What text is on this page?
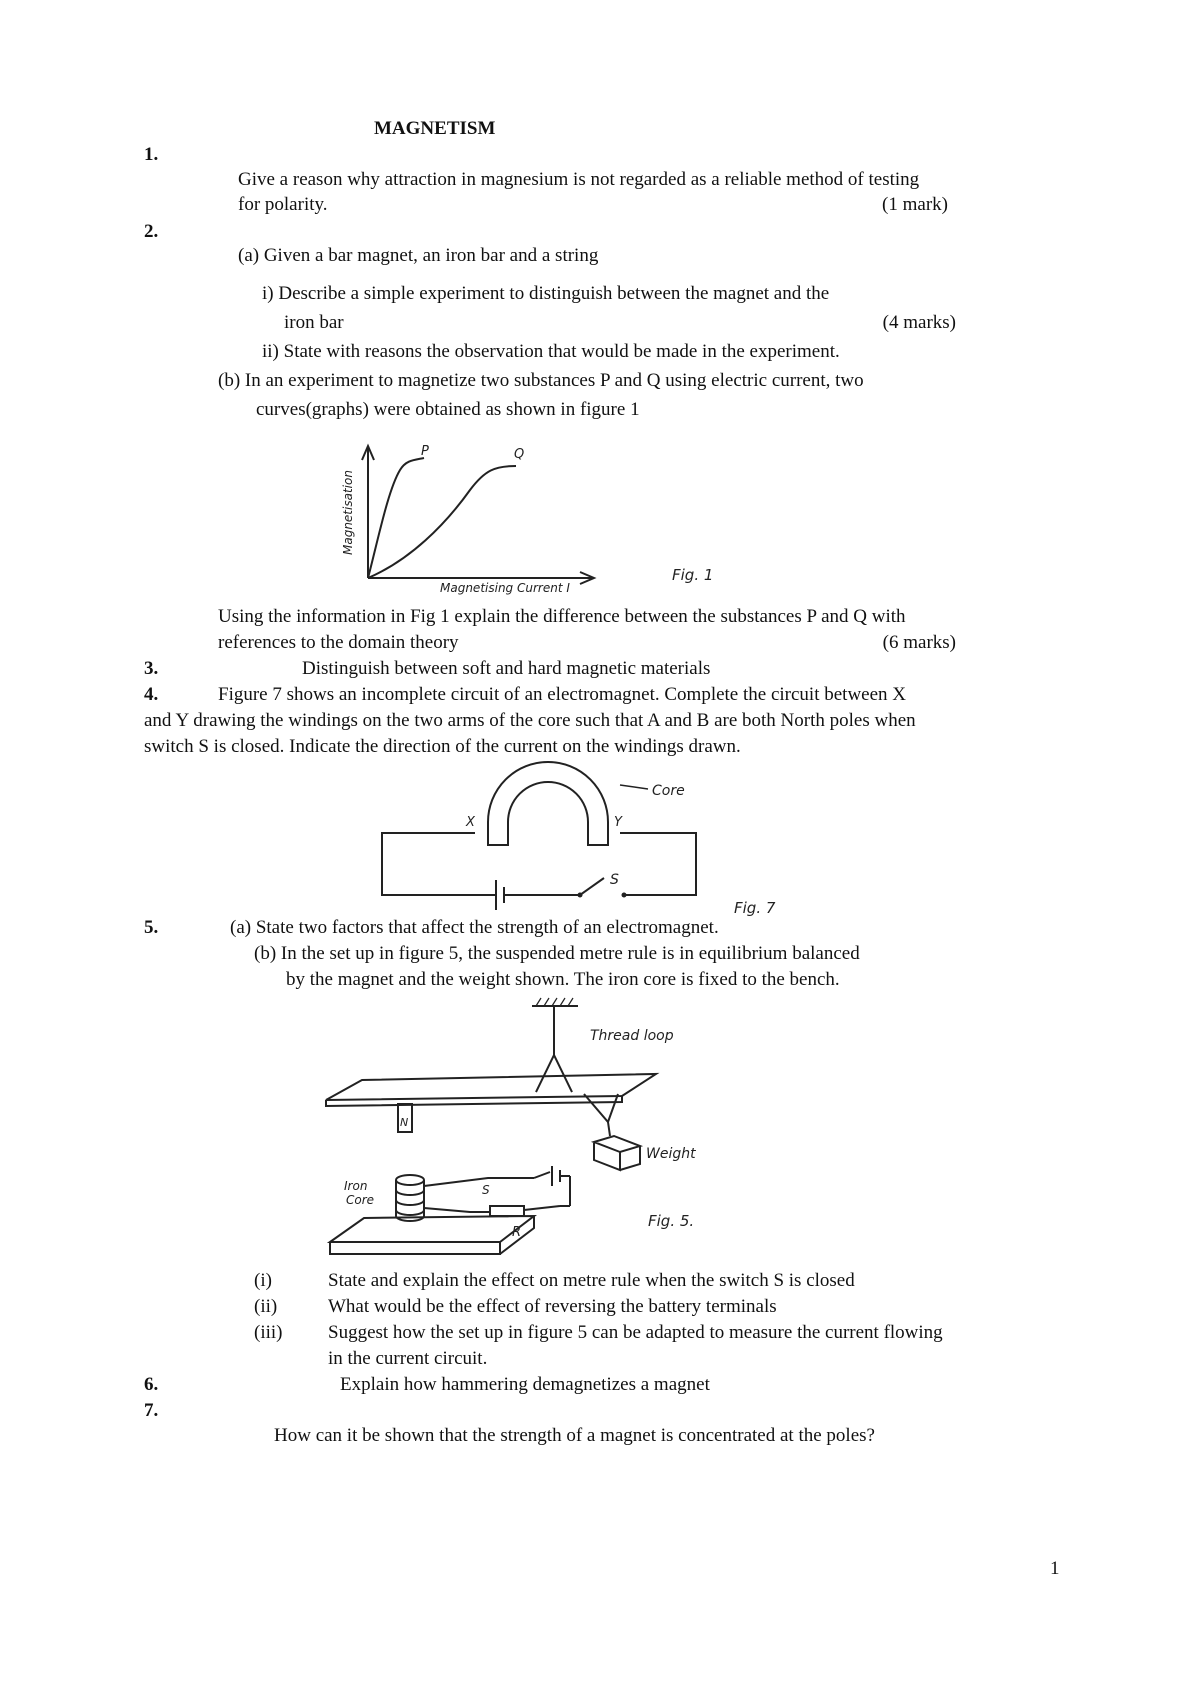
MAGNETISM
1.
Give a reason why attraction in magnesium is not regarded as a reliable method of testing
for polarity.	(1 mark)
2.
(a) Given a bar magnet, an iron bar and a string
i) Describe a simple experiment to distinguish between the magnet and the
iron bar	(4 marks)
ii) State with reasons the observation that would be made in the experiment.
(b) In an experiment to magnetize two substances P and Q using electric current, two
curves(graphs) were obtained as shown in figure 1
P	Q
Magnetisation
Magnetising Current I
Fig. 1
Using the information in Fig 1 explain the difference between the substances P and Q with
references to the domain theory	(6 marks)
3.	Distinguish between soft and hard magnetic materials
4.	Figure 7 shows an incomplete circuit of an electromagnet. Complete the circuit between X
and Y drawing the windings on the two arms of the core such that A and B are both North poles when
switch S is closed. Indicate the direction of the current on the windings drawn.
Core
X	Y
S
Fig. 7
5.	(a) State two factors that affect the strength of an electromagnet.
(b) In the set up in figure 5, the suspended metre rule is in equilibrium balanced
by the magnet and the weight shown. The iron core is fixed to the bench.
Thread loop
Weight
N
Iron
Core
S
R
Fig. 5.
(i)	State and explain the effect on metre rule when the switch S is closed
(ii)	What would be the effect of reversing the battery terminals
(iii) Suggest how the set up in figure 5 can be adapted to measure the current flowing
in the current circuit.
6.	Explain how hammering demagnetizes a magnet
7.
How can it be shown that the strength of a magnet is concentrated at the poles?
1
